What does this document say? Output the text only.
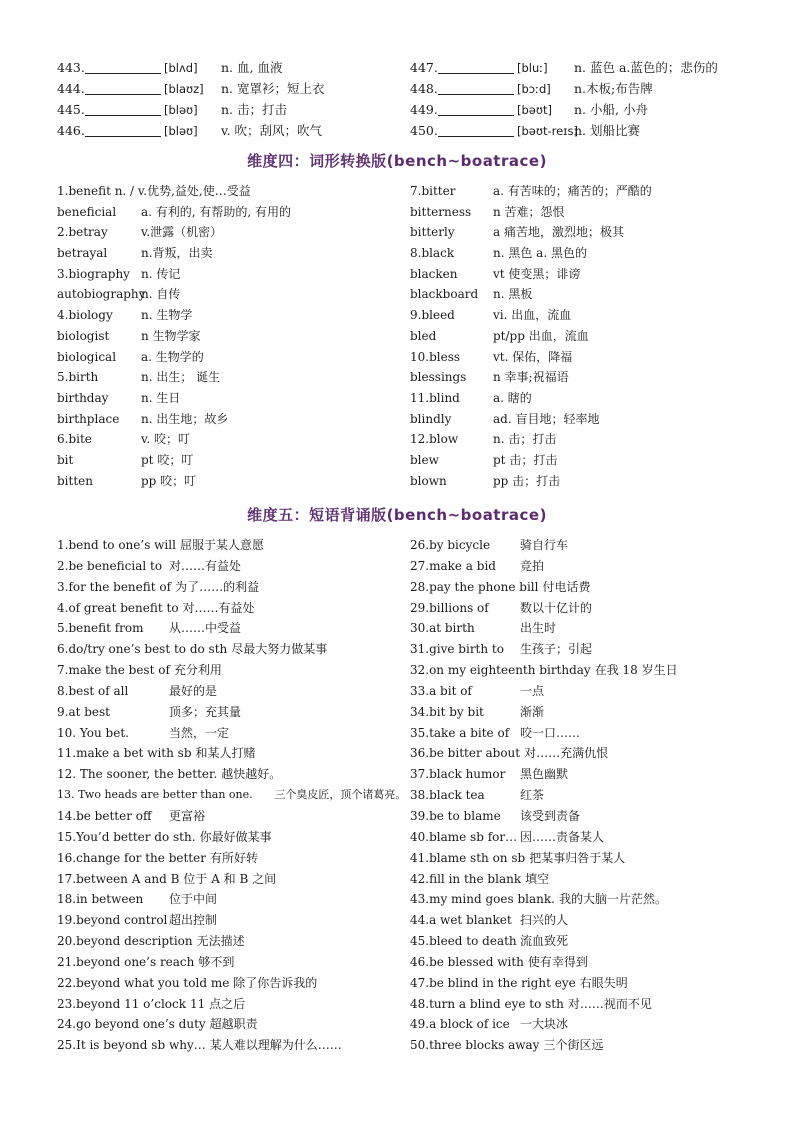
443.	[blʌd] n. 血, 血液
444.	[blaʊz] n. 宽罩衫；短上衣
445.	[bləʊ] n. 击；打击
446.	[bləʊ] v. 吹；刮风；吹气
447.	[bluː] n. 蓝色 a.蓝色的；悲伤的
448.	[bɔːd] n.木板;布告牌
449.	[bəʊt] n. 小船, 小舟
450.	[bəʊt-reɪs]n. 划船比赛
维度四：词形转换版(bench~boatrace)
1.benefit n. / v.优势,益处,使…受益
beneficial a. 有利的, 有帮助的, 有用的
2.betray	v.泄露（机密）
betrayal	n.背叛，出卖
3.biography n. 传记
autobiographyn. 自传
4.biology n. 生物学
biologist	n 生物学家
biological a. 生物学的
5.birth	n. 出生； 诞生
birthday	n. 生日
birthplace n. 出生地；故乡
6.bite	v. 咬；叮
bit	pt 咬；叮
bitten	pp 咬；叮
7.bitter	a. 有苦味的；痛苦的；严酷的
bitterness n 苦难；怨恨
bitterly	a 痛苦地，激烈地；极其
8.black	n. 黑色 a. 黑色的
blacken	vt 使变黑；诽谤
blackboard n. 黑板
9.bleed	vi. 出血，流血
bled	pt/pp 出血，流血
10.bless	vt. 保佑，降福
blessings n 幸事;祝福语
11.blind	a. 瞎的
blindly	ad. 盲目地；轻率地
12.blow	n. 击；打击
blew	pt 击；打击
blown	pp 击；打击
维度五：短语背诵版(bench~boatrace)
1.bend to one’s will 屈服于某人意愿
2.be beneficial to 对……有益处
3.for the benefit of 为了……的利益
4.of great benefit to 对……有益处
5.benefit from 从……中受益
6.do/try one’s best to do sth 尽最大努力做某事
7.make the best of 充分利用
8.best of all	最好的是
9.at best	顶多；充其量
10. You bet.	当然，一定
11.make a bet with sb 和某人打赌
12. The sooner, the better. 越快越好。
13. Two heads are better than one. 三个臭皮匠，顶个诸葛亮。
14.be better off 更富裕
15.You’d better do sth. 你最好做某事
16.change for the better 有所好转
17.between A and B 位于 A 和 B 之间
18.in between 位于中间
19.beyond control 超出控制
20.beyond description 无法描述
21.beyond one’s reach 够不到
22.beyond what you told me 除了你告诉我的
23.beyond 11 o’clock 11 点之后
24.go beyond one’s duty 超越职责
25.It is beyond sb why… 某人难以理解为什么……
26.by bicycle 骑自行车
27.make a bid 竞拍
28.pay the phone bill 付电话费
29.billions of	数以十亿计的
30.at birth	出生时
31.give birth to 生孩子；引起
32.on my eighteenth birthday 在我 18 岁生日
33.a bit of	一点
34.bit by bit	渐渐
35.take a bite of 咬一口……
36.be bitter about 对……充满仇恨
37.black humor 黑色幽默
38.black tea	红茶
39.be to blame 该受到责备
40.blame sb for… 因……责备某人
41.blame sth on sb 把某事归咎于某人
42.fill in the blank 填空
43.my mind goes blank. 我的大脑一片茫然。
44.a wet blanket 扫兴的人
45.bleed to death 流血致死
46.be blessed with 使有幸得到
47.be blind in the right eye 右眼失明
48.turn a blind eye to sth 对……视而不见
49.a block of ice 一大块冰
50.three blocks away 三个街区远
